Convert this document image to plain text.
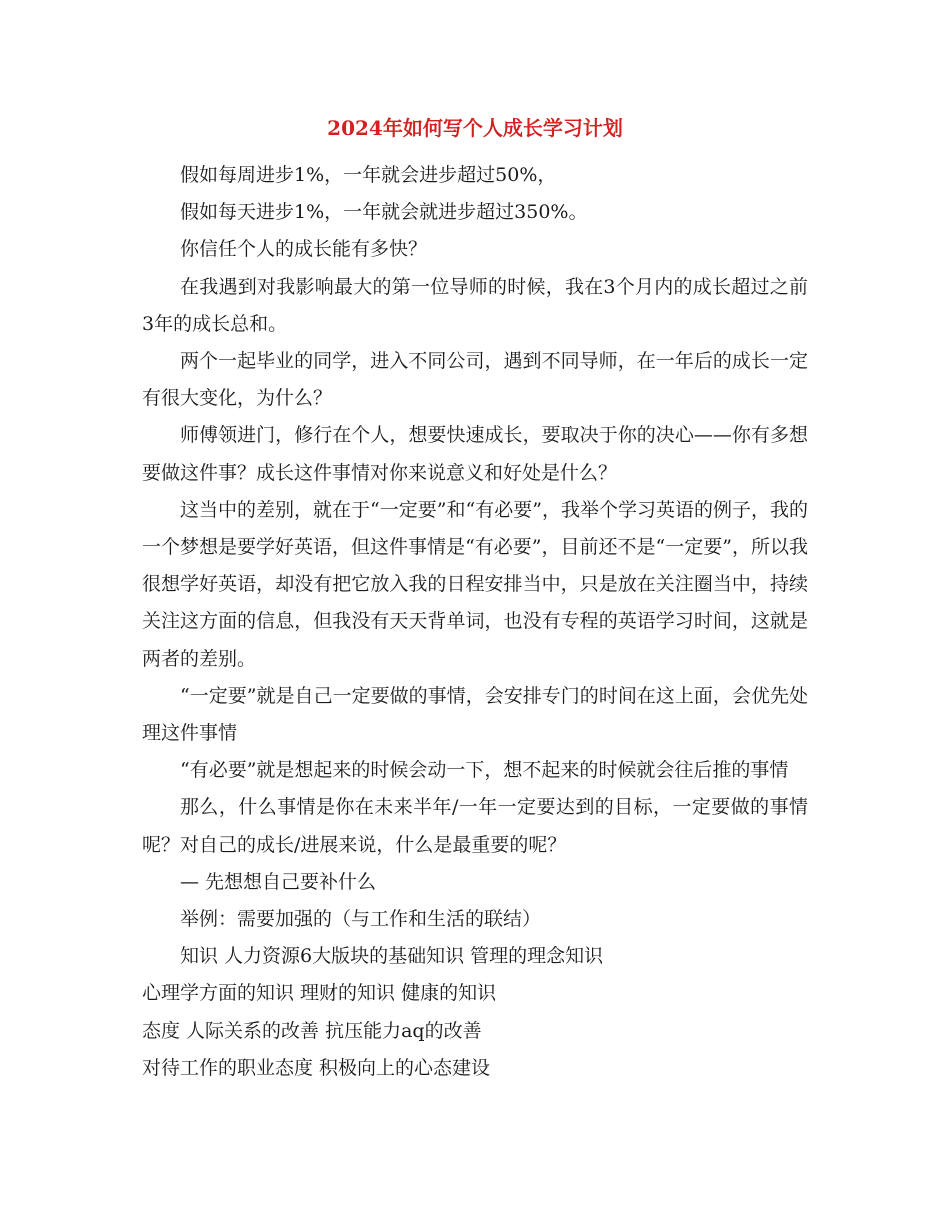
2024年如何写个人成长学习计划

假如每周进步1%，一年就会进步超过50%，

假如每天进步1%，一年就会就进步超过350%。

你信任个人的成长能有多快？

在我遇到对我影响最大的第一位导师的时候，我在3个月内的成长超过之前3年的成长总和。

两个一起毕业的同学，进入不同公司，遇到不同导师，在一年后的成长一定有很大变化，为什么？

师傅领进门，修行在个人，想要快速成长，要取决于你的决心——你有多想要做这件事？成长这件事情对你来说意义和好处是什么？

这当中的差别，就在于“一定要”和“有必要”，我举个学习英语的例子，我的一个梦想是要学好英语，但这件事情是“有必要”，目前还不是“一定要”，所以我很想学好英语，却没有把它放入我的日程安排当中，只是放在关注圈当中，持续关注这方面的信息，但我没有天天背单词，也没有专程的英语学习时间，这就是两者的差别。

“一定要”就是自己一定要做的事情，会安排专门的时间在这上面，会优先处理这件事情

“有必要”就是想起来的时候会动一下，想不起来的时候就会往后推的事情

那么，什么事情是你在未来半年/一年一定要达到的目标，一定要做的事情呢？对自己的成长/进展来说，什么是最重要的呢？

— 先想想自己要补什么

举例：需要加强的（与工作和生活的联结）

知识 人力资源6大版块的基础知识 管理的理念知识

心理学方面的知识 理财的知识 健康的知识

态度 人际关系的改善 抗压能力aq的改善

对待工作的职业态度 积极向上的心态建设
